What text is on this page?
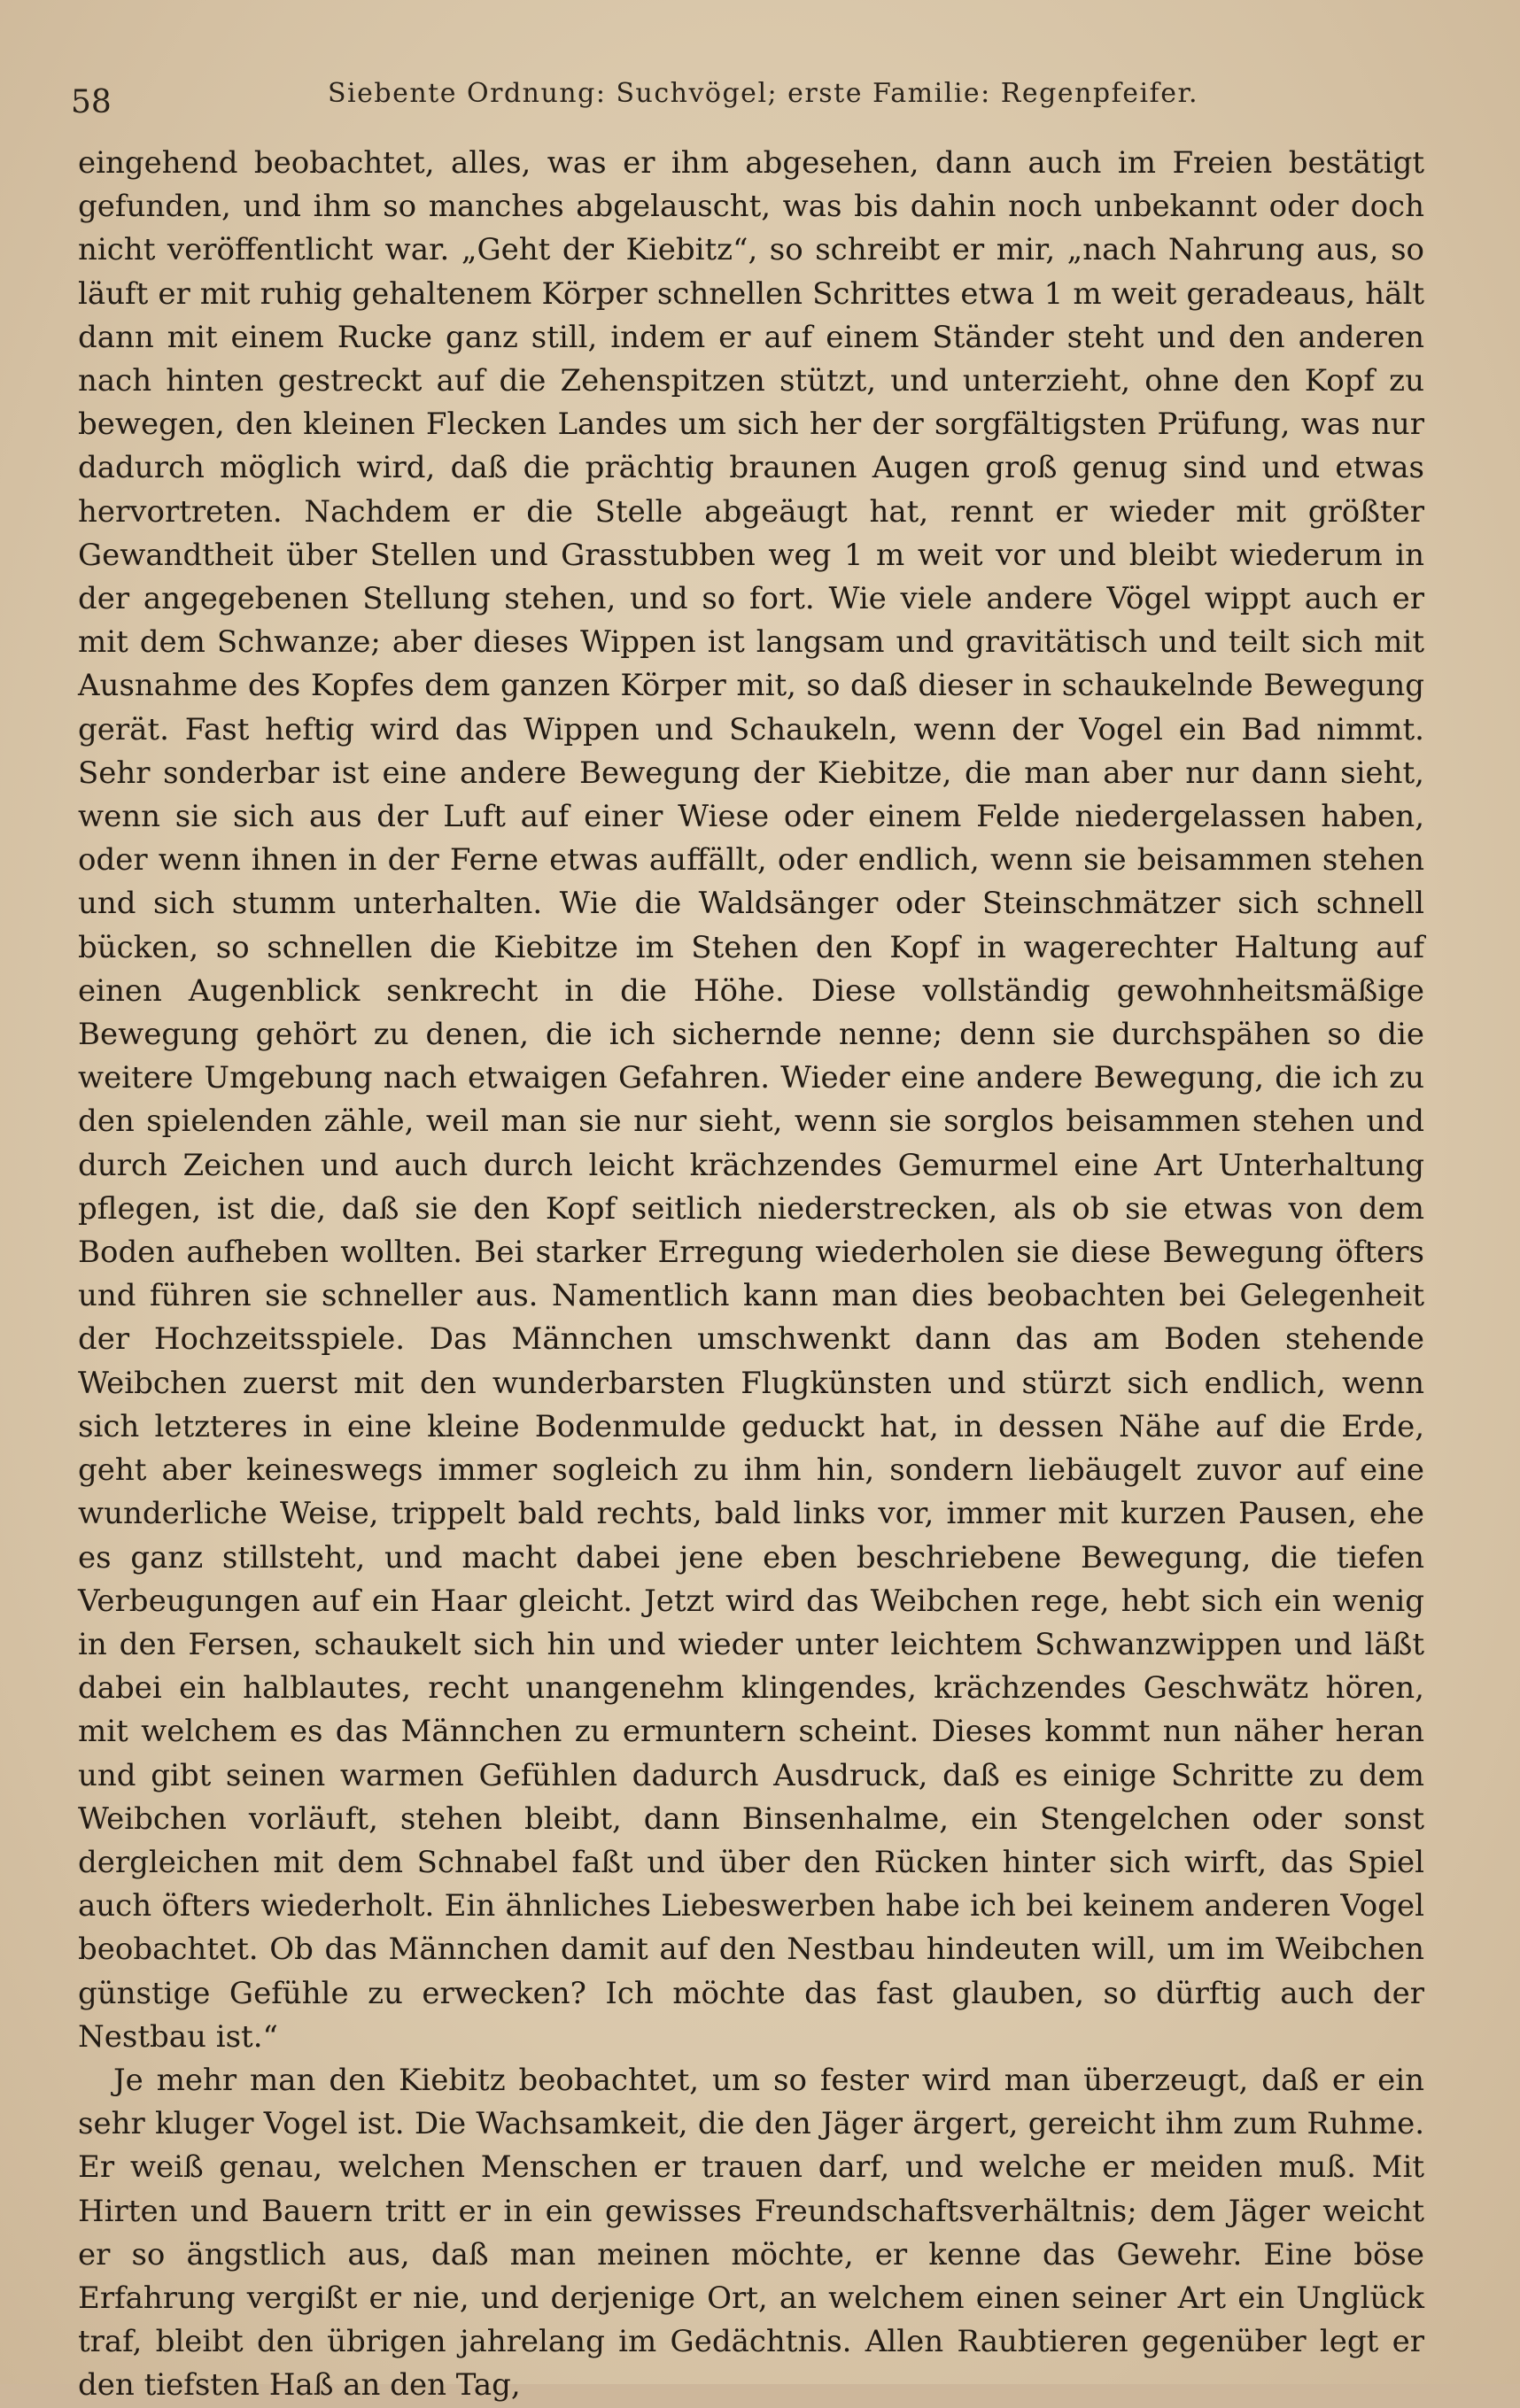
58	Siebente Ordnung: Suchvögel; erste Familie: Regenpfeifer.

eingehend beobachtet, alles, was er ihm abgesehen, dann auch im Freien bestätigt gefunden, und ihm so manches abgelauscht, was bis dahin noch unbekannt oder doch nicht veröffentlicht war. „Geht der Kiebitz“, so schreibt er mir, „nach Nahrung aus, so läuft er mit ruhig gehaltenem Körper schnellen Schrittes etwa 1 m weit geradeaus, hält dann mit einem Rucke ganz still, indem er auf einem Ständer steht und den anderen nach hinten gestreckt auf die Zehenspitzen stützt, und unterzieht, ohne den Kopf zu bewegen, den kleinen Flecken Landes um sich her der sorgfältigsten Prüfung, was nur dadurch möglich wird, daß die prächtig braunen Augen groß genug sind und etwas hervortreten. Nachdem er die Stelle abgeäugt hat, rennt er wieder mit größter Gewandtheit über Stellen und Grasstubben weg 1 m weit vor und bleibt wiederum in der angegebenen Stellung stehen, und so fort. Wie viele andere Vögel wippt auch er mit dem Schwanze; aber dieses Wippen ist langsam und gravitätisch und teilt sich mit Ausnahme des Kopfes dem ganzen Körper mit, so daß dieser in schaukelnde Bewegung gerät. Fast heftig wird das Wippen und Schaukeln, wenn der Vogel ein Bad nimmt. Sehr sonderbar ist eine andere Bewegung der Kiebitze, die man aber nur dann sieht, wenn sie sich aus der Luft auf einer Wiese oder einem Felde niedergelassen haben, oder wenn ihnen in der Ferne etwas auffällt, oder endlich, wenn sie beisammen stehen und sich stumm unterhalten. Wie die Waldsänger oder Steinschmätzer sich schnell bücken, so schnellen die Kiebitze im Stehen den Kopf in wagerechter Haltung auf einen Augenblick senkrecht in die Höhe. Diese vollständig gewohnheitsmäßige Bewegung gehört zu denen, die ich sichernde nenne; denn sie durchspähen so die weitere Umgebung nach etwaigen Gefahren. Wieder eine andere Bewegung, die ich zu den spielenden zähle, weil man sie nur sieht, wenn sie sorglos beisammen stehen und durch Zeichen und auch durch leicht krächzendes Gemurmel eine Art Unterhaltung pflegen, ist die, daß sie den Kopf seitlich niederstrecken, als ob sie etwas von dem Boden aufheben wollten. Bei starker Erregung wiederholen sie diese Bewegung öfters und führen sie schneller aus. Namentlich kann man dies beobachten bei Gelegenheit der Hochzeitsspiele. Das Männchen umschwenkt dann das am Boden stehende Weibchen zuerst mit den wunderbarsten Flugkünsten und stürzt sich endlich, wenn sich letzteres in eine kleine Bodenmulde geduckt hat, in dessen Nähe auf die Erde, geht aber keineswegs immer sogleich zu ihm hin, sondern liebäugelt zuvor auf eine wunderliche Weise, trippelt bald rechts, bald links vor, immer mit kurzen Pausen, ehe es ganz stillsteht, und macht dabei jene eben beschriebene Bewegung, die tiefen Verbeugungen auf ein Haar gleicht. Jetzt wird das Weibchen rege, hebt sich ein wenig in den Fersen, schaukelt sich hin und wieder unter leichtem Schwanzwippen und läßt dabei ein halblautes, recht unangenehm klingendes, krächzendes Geschwätz hören, mit welchem es das Männchen zu ermuntern scheint. Dieses kommt nun näher heran und gibt seinen warmen Gefühlen dadurch Ausdruck, daß es einige Schritte zu dem Weibchen vorläuft, stehen bleibt, dann Binsenhalme, ein Stengelchen oder sonst dergleichen mit dem Schnabel faßt und über den Rücken hinter sich wirft, das Spiel auch öfters wiederholt. Ein ähnliches Liebeswerben habe ich bei keinem anderen Vogel beobachtet. Ob das Männchen damit auf den Nestbau hindeuten will, um im Weibchen günstige Gefühle zu erwecken? Ich möchte das fast glauben, so dürftig auch der Nestbau ist.“

Je mehr man den Kiebitz beobachtet, um so fester wird man überzeugt, daß er ein sehr kluger Vogel ist. Die Wachsamkeit, die den Jäger ärgert, gereicht ihm zum Ruhme. Er weiß genau, welchen Menschen er trauen darf, und welche er meiden muß. Mit Hirten und Bauern tritt er in ein gewisses Freundschaftsverhältnis; dem Jäger weicht er so ängstlich aus, daß man meinen möchte, er kenne das Gewehr. Eine böse Erfahrung vergißt er nie, und derjenige Ort, an welchem einen seiner Art ein Unglück traf, bleibt den übrigen jahrelang im Gedächtnis. Allen Raubtieren gegenüber legt er den tiefsten Haß an den Tag,
